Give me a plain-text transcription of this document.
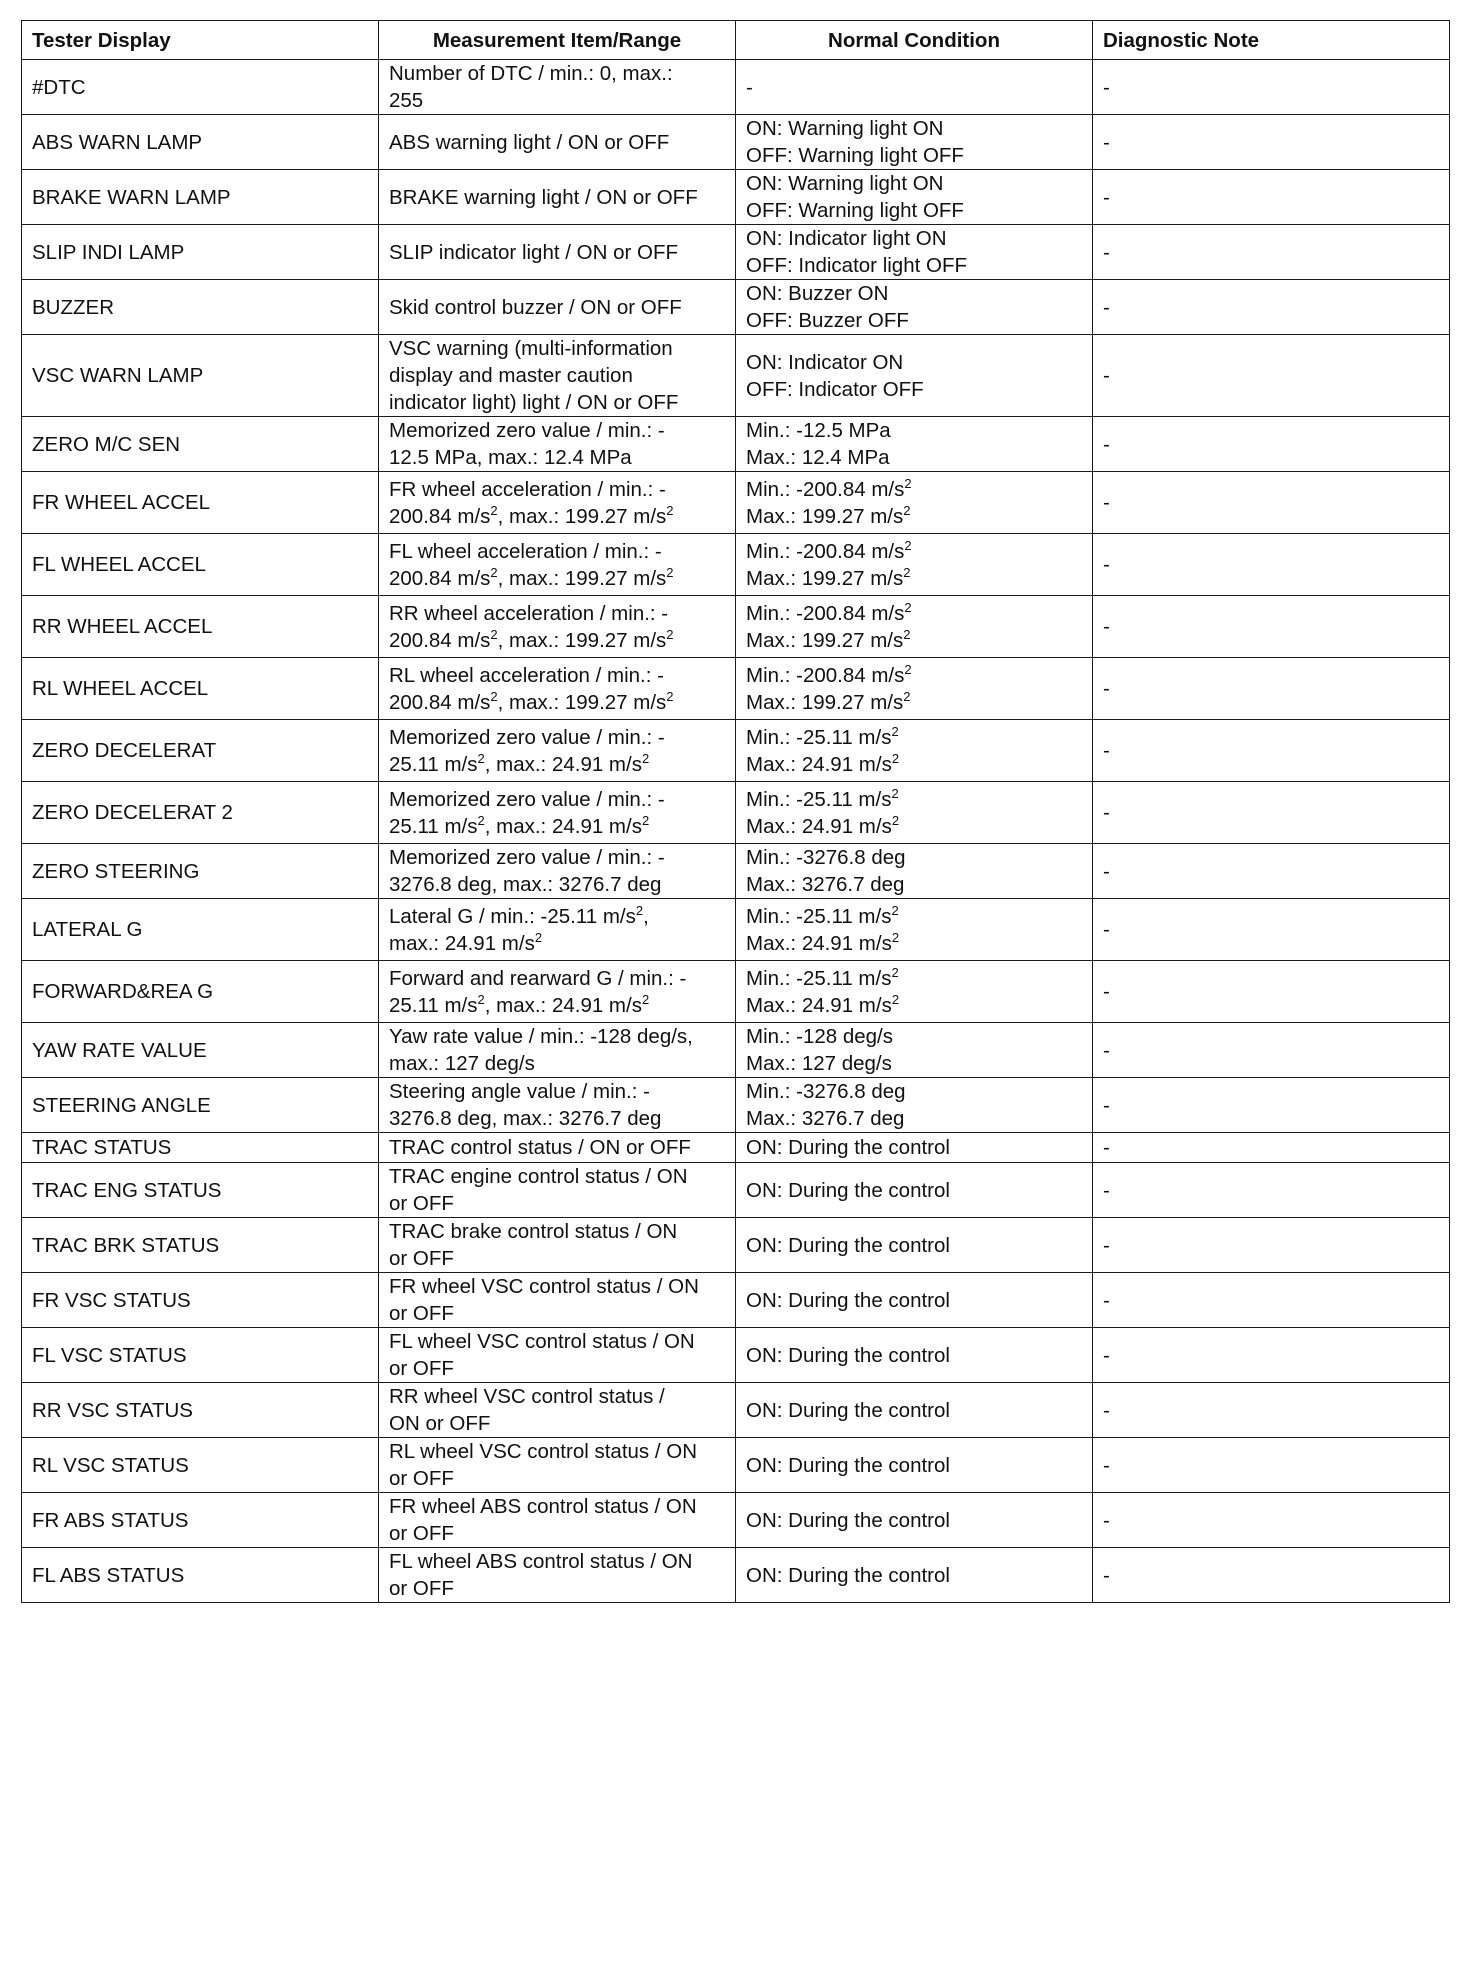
Tester Display	Measurement Item/Range	Normal Condition	Diagnostic Note
#DTC	Number of DTC / min.: 0, max.:
255	-	-
ABS WARN LAMP	ABS warning light / ON or OFF	ON: Warning light ON
OFF: Warning light OFF	-
BRAKE WARN LAMP	BRAKE warning light / ON or OFF	ON: Warning light ON
OFF: Warning light OFF	-
SLIP INDI LAMP	SLIP indicator light / ON or OFF	ON: Indicator light ON
OFF: Indicator light OFF	-
BUZZER	Skid control buzzer / ON or OFF	ON: Buzzer ON
OFF: Buzzer OFF	-
VSC WARN LAMP	VSC warning (multi-information
display and master caution
indicator light) light / ON or OFF	ON: Indicator ON
OFF: Indicator OFF	-
ZERO M/C SEN	Memorized zero value / min.: -
12.5 MPa, max.: 12.4 MPa	Min.: -12.5 MPa
Max.: 12.4 MPa	-
FR WHEEL ACCEL	FR wheel acceleration / min.: -
200.84 $m/s^2$, max.: 199.27 $m/s^2$	Min.: -200.84 $m/s^2$
Max.: 199.27 $m/s^2$	-
FL WHEEL ACCEL	FL wheel acceleration / min.: -
200.84 $m/s^2$, max.: 199.27 $m/s^2$	Min.: -200.84 $m/s^2$
Max.: 199.27 $m/s^2$	-
RR WHEEL ACCEL	RR wheel acceleration / min.: -
200.84 $m/s^2$, max.: 199.27 $m/s^2$	Min.: -200.84 $m/s^2$
Max.: 199.27 $m/s^2$	-
RL WHEEL ACCEL	RL wheel acceleration / min.: -
200.84 $m/s^2$, max.: 199.27 $m/s^2$	Min.: -200.84 $m/s^2$
Max.: 199.27 $m/s^2$	-
ZERO DECELERAT	Memorized zero value / min.: -
25.11 $m/s^2$, max.: 24.91 $m/s^2$	Min.: -25.11 $m/s^2$
Max.: 24.91 $m/s^2$	-
ZERO DECELERAT 2	Memorized zero value / min.: -
25.11 $m/s^2$, max.: 24.91 $m/s^2$	Min.: -25.11 $m/s^2$
Max.: 24.91 $m/s^2$	-
ZERO STEERING	Memorized zero value / min.: -
3276.8 deg, max.: 3276.7 deg	Min.: -3276.8 deg
Max.: 3276.7 deg	-
LATERAL G	Lateral G / min.: -25.11 $m/s^2$,
max.: 24.91 $m/s^2$	Min.: -25.11 $m/s^2$
Max.: 24.91 $m/s^2$	-
FORWARD&REA G	Forward and rearward G / min.: -
25.11 $m/s^2$, max.: 24.91 $m/s^2$	Min.: -25.11 $m/s^2$
Max.: 24.91 $m/s^2$	-
YAW RATE VALUE	Yaw rate value / min.: -128 deg/s,
max.: 127 deg/s	Min.: -128 deg/s
Max.: 127 deg/s	-
STEERING ANGLE	Steering angle value / min.: -
3276.8 deg, max.: 3276.7 deg	Min.: -3276.8 deg
Max.: 3276.7 deg	-
TRAC STATUS	TRAC control status / ON or OFF	ON: During the control	-
TRAC ENG STATUS	TRAC engine control status / ON
or OFF	ON: During the control	-
TRAC BRK STATUS	TRAC brake control status / ON
or OFF	ON: During the control	-
FR VSC STATUS	FR wheel VSC control status / ON
or OFF	ON: During the control	-
FL VSC STATUS	FL wheel VSC control status / ON
or OFF	ON: During the control	-
RR VSC STATUS	RR wheel VSC control status /
ON or OFF	ON: During the control	-
RL VSC STATUS	RL wheel VSC control status / ON
or OFF	ON: During the control	-
FR ABS STATUS	FR wheel ABS control status / ON
or OFF	ON: During the control	-
FL ABS STATUS	FL wheel ABS control status / ON
or OFF	ON: During the control	-
